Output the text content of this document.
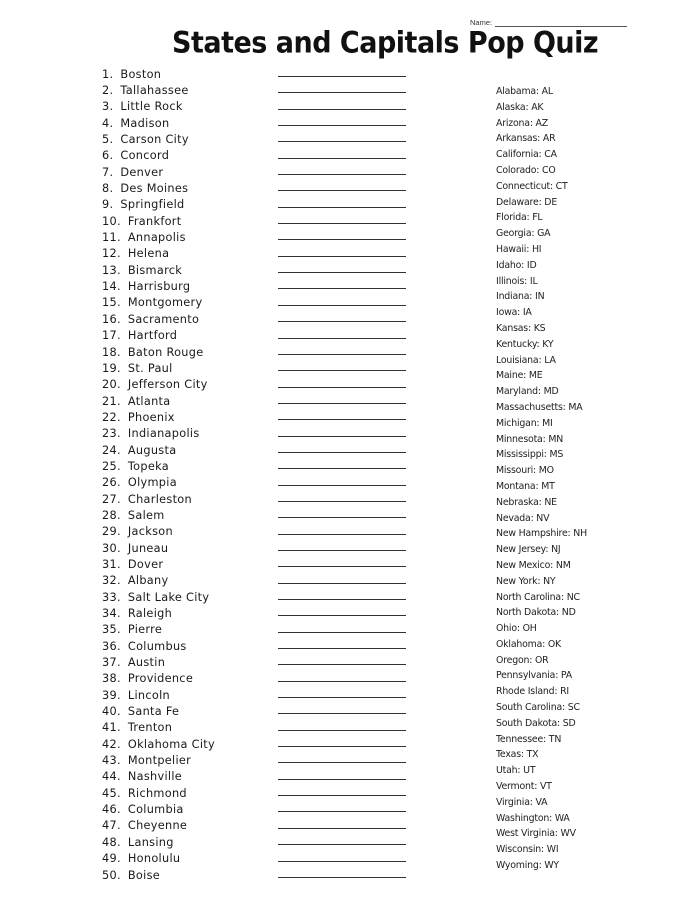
Name:
States and Capitals Pop Quiz
1. Boston
2. Tallahassee
3. Little Rock
4. Madison
5. Carson City
6. Concord
7. Denver
8. Des Moines
9. Springfield
10. Frankfort
11. Annapolis
12. Helena
13. Bismarck
14. Harrisburg
15. Montgomery
16. Sacramento
17. Hartford
18. Baton Rouge
19. St. Paul
20. Jefferson City
21. Atlanta
22. Phoenix
23. Indianapolis
24. Augusta
25. Topeka
26. Olympia
27. Charleston
28. Salem
29. Jackson
30. Juneau
31. Dover
32. Albany
33. Salt Lake City
34. Raleigh
35. Pierre
36. Columbus
37. Austin
38. Providence
39. Lincoln
40. Santa Fe
41. Trenton
42. Oklahoma City
43. Montpelier
44. Nashville
45. Richmond
46. Columbia
47. Cheyenne
48. Lansing
49. Honolulu
50. Boise
Alabama: AL
Alaska: AK
Arizona: AZ
Arkansas: AR
California: CA
Colorado: CO
Connecticut: CT
Delaware: DE
Florida: FL
Georgia: GA
Hawaii: HI
Idaho: ID
Illinois: IL
Indiana: IN
Iowa: IA
Kansas: KS
Kentucky: KY
Louisiana: LA
Maine: ME
Maryland: MD
Massachusetts: MA
Michigan: MI
Minnesota: MN
Mississippi: MS
Missouri: MO
Montana: MT
Nebraska: NE
Nevada: NV
New Hampshire: NH
New Jersey: NJ
New Mexico: NM
New York: NY
North Carolina: NC
North Dakota: ND
Ohio: OH
Oklahoma: OK
Oregon: OR
Pennsylvania: PA
Rhode Island: RI
South Carolina: SC
South Dakota: SD
Tennessee: TN
Texas: TX
Utah: UT
Vermont: VT
Virginia: VA
Washington: WA
West Virginia: WV
Wisconsin: WI
Wyoming: WY
